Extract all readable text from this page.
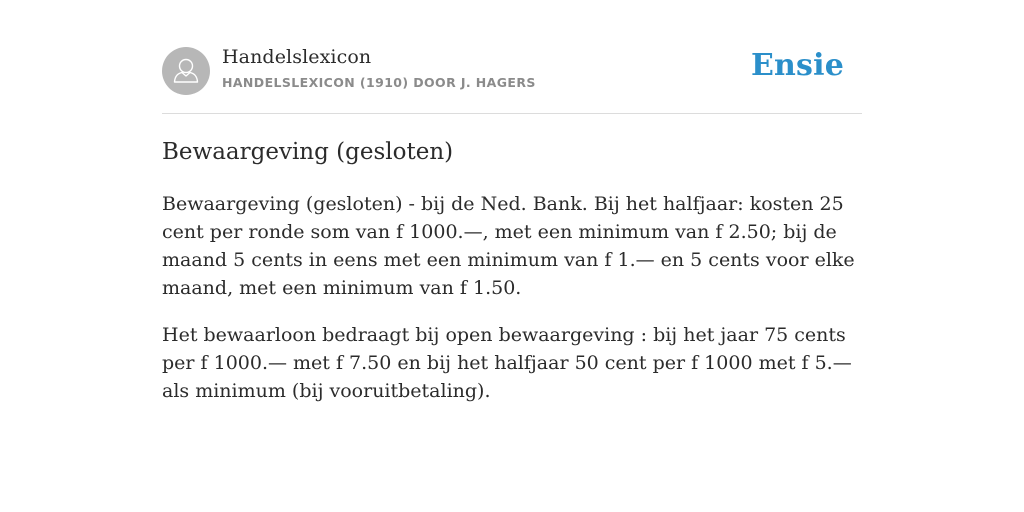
Handelslexicon
HANDELSLEXICON (1910) DOOR J. HAGERS	Ensie
Bewaargeving (gesloten)

Bewaargeving (gesloten) - bij de Ned. Bank. Bij het halfjaar: kosten 25 cent per ronde som van f 1000.—, met een minimum van f 2.50; bij de maand 5 cents in eens met een minimum van f 1.— en 5 cents voor elke maand, met een minimum van f 1.50.

Het bewaarloon bedraagt bij open bewaargeving : bij het jaar 75 cents per f 1000.— met f 7.50 en bij het halfjaar 50 cent per f 1000 met f 5.— als minimum (bij vooruitbetaling).
